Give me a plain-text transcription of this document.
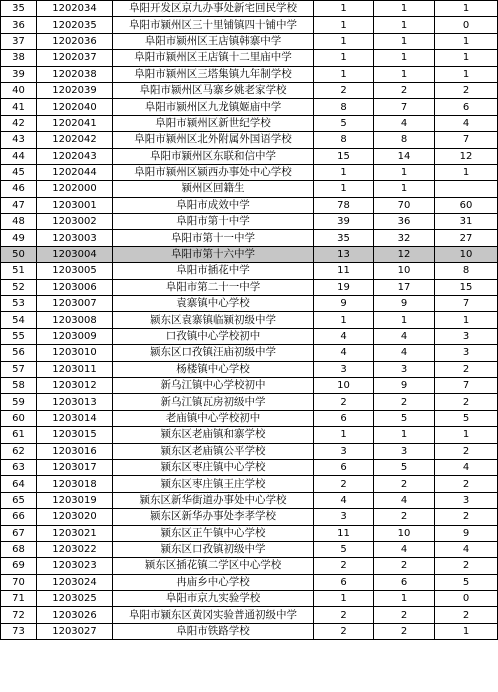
35	1202034	阜阳开发区京九办事处新宅回民学校	1	1	1
36	1202035	阜阳市颍州区三十里铺镇四十铺中学	1	1	0
37	1202036	阜阳市颍州区王店镇韩寨中学	1	1	1
38	1202037	阜阳市颍州区王店镇十二里庙中学	1	1	1
39	1202038	阜阳市颍州区三塔集镇九年制学校	1	1	1
40	1202039	阜阳市颍州区马寨乡姚老家学校	2	2	2
41	1202040	阜阳市颍州区九龙镇姬庙中学	8	7	6
42	1202041	阜阳市颍州区新世纪学校	5	4	4
43	1202042	阜阳市颍州区北外附属外国语学校	8	8	7
44	1202043	阜阳市颍州区东联和信中学	15	14	12
45	1202044	阜阳市颍州区颍西办事处中心学校	1	1	1
46	1202000	颍州区回籍生	1	1	
47	1203001	阜阳市成效中学	78	70	60
48	1203002	阜阳市第十中学	39	36	31
49	1203003	阜阳市第十一中学	35	32	27
50	1203004	阜阳市第十六中学	13	12	10
51	1203005	阜阳市插花中学	11	10	8
52	1203006	阜阳市第二十一中学	19	17	15
53	1203007	袁寨镇中心学校	9	9	7
54	1203008	颍东区袁寨镇临颍初级中学	1	1	1
55	1203009	口孜镇中心学校初中	4	4	3
56	1203010	颍东区口孜镇汪庙初级中学	4	4	3
57	1203011	杨楼镇中心学校	3	3	2
58	1203012	新乌江镇中心学校初中	10	9	7
59	1203013	新乌江镇瓦房初级中学	2	2	2
60	1203014	老庙镇中心学校初中	6	5	5
61	1203015	颍东区老庙镇和寨学校	1	1	1
62	1203016	颍东区老庙镇公平学校	3	3	2
63	1203017	颍东区枣庄镇中心学校	6	5	4
64	1203018	颍东区枣庄镇王庄学校	2	2	2
65	1203019	颍东区新华街道办事处中心学校	4	4	3
66	1203020	颍东区新华办事处李孝学校	3	2	2
67	1203021	颍东区正午镇中心学校	11	10	9
68	1203022	颍东区口孜镇初级中学	5	4	4
69	1203023	颍东区插花镇二学区中心学校	2	2	2
70	1203024	冉庙乡中心学校	6	6	5
71	1203025	阜阳市京九实验学校	1	1	0
72	1203026	阜阳市颍东区黄冈实验普通初级中学	2	2	2
73	1203027	阜阳市铁路学校	2	2	1
